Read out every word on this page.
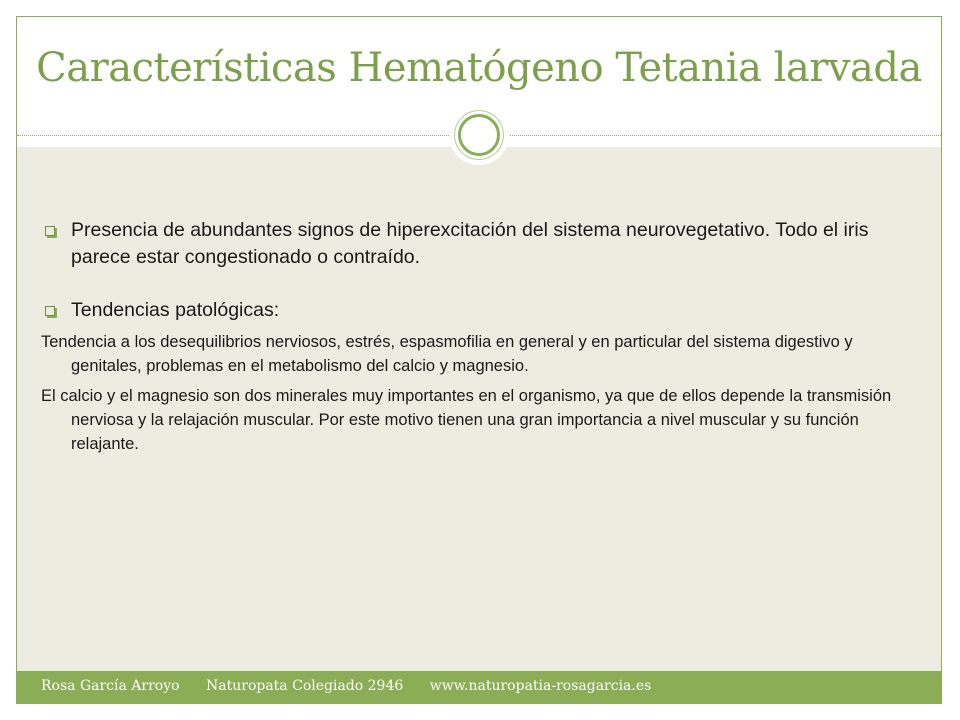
Características Hematógeno Tetania larvada
Presencia de abundantes signos de hiperexcitación del sistema neurovegetativo. Todo el iris parece estar congestionado o contraído.
Tendencias patológicas:

Tendencia a los desequilibrios nerviosos, estrés, espasmofilia en general y en particular del sistema digestivo y genitales, problemas en el metabolismo del calcio y magnesio.

El calcio y el magnesio son dos minerales muy importantes en el organismo, ya que de ellos depende la transmisión nerviosa y la relajación muscular. Por este motivo tienen una gran importancia a nivel muscular y su función relajante.

Rosa García Arroyo Naturopata Colegiado 2946 www.naturopatia-rosagarcia.es
